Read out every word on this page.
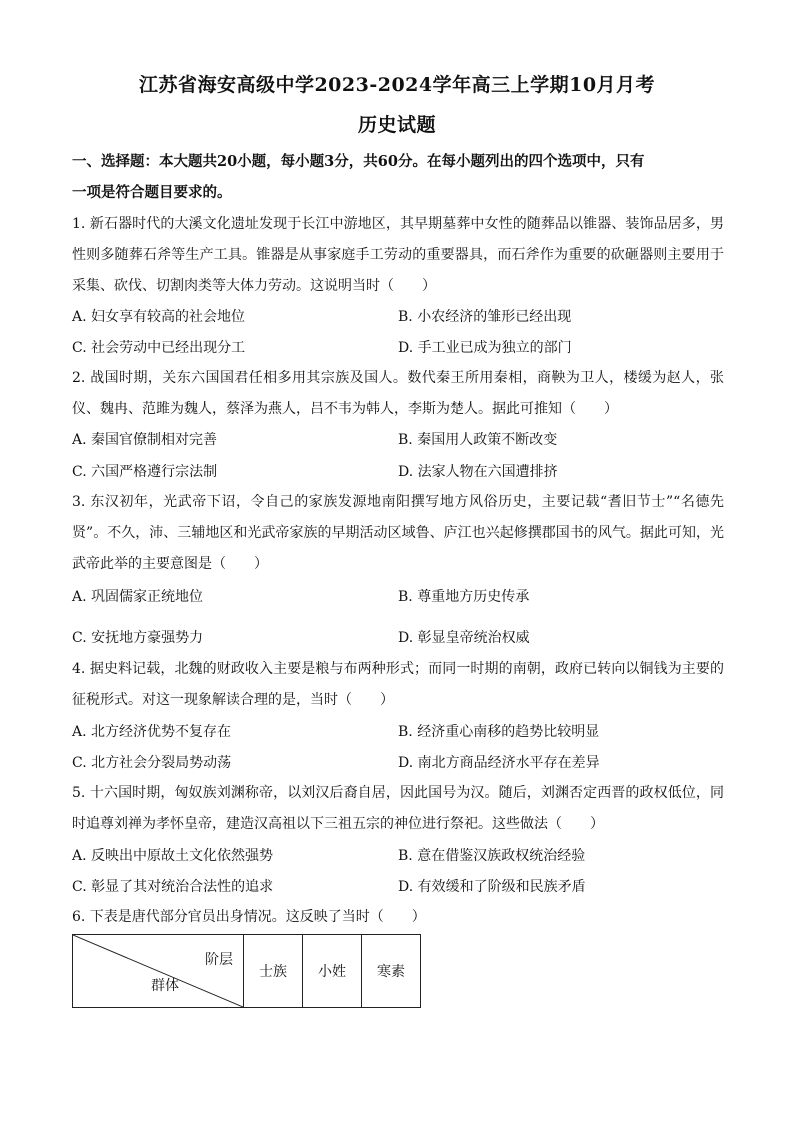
江苏省海安高级中学2023-2024学年高三上学期10月月考
历史试题
一、选择题：本大题共20小题，每小题3分，共60分。在每小题列出的四个选项中，只有
一项是符合题目要求的。
1. 新石器时代的大溪文化遗址发现于长江中游地区，其早期墓葬中女性的随葬品以锥器、装饰品居多，男性则多随葬石斧等生产工具。锥器是从事家庭手工劳动的重要器具，而石斧作为重要的砍砸器则主要用于采集、砍伐、切割肉类等大体力劳动。这说明当时（　　）
A. 妇女享有较高的社会地位	B. 小农经济的雏形已经出现
C. 社会劳动中已经出现分工	D. 手工业已成为独立的部门
2. 战国时期，关东六国国君任相多用其宗族及国人。数代秦王所用秦相，商鞅为卫人，楼缓为赵人，张仪、魏冉、范雎为魏人，蔡泽为燕人，吕不韦为韩人，李斯为楚人。据此可推知（　　）
A. 秦国官僚制相对完善	B. 秦国用人政策不断改变
C. 六国严格遵行宗法制	D. 法家人物在六国遭排挤
3. 东汉初年，光武帝下诏，令自己的家族发源地南阳撰写地方风俗历史，主要记载“耆旧节士”“名德先贤”。不久，沛、三辅地区和光武帝家族的早期活动区域鲁、庐江也兴起修撰郡国书的风气。据此可知，光武帝此举的主要意图是（　　）
A. 巩固儒家正统地位	B. 尊重地方历史传承
C. 安抚地方豪强势力	D. 彰显皇帝统治权威
4. 据史料记载，北魏的财政收入主要是粮与布两种形式；而同一时期的南朝，政府已转向以铜钱为主要的征税形式。对这一现象解读合理的是，当时（　　）
A. 北方经济优势不复存在	B. 经济重心南移的趋势比较明显
C. 北方社会分裂局势动荡	D. 南北方商品经济水平存在差异
5. 十六国时期，匈奴族刘渊称帝，以刘汉后裔自居，因此国号为汉。随后，刘渊否定西晋的政权低位，同时追尊刘禅为孝怀皇帝，建造汉高祖以下三祖五宗的神位进行祭祀。这些做法（　　）
A. 反映出中原故土文化依然强势	B. 意在借鉴汉族政权统治经验
C. 彰显了其对统治合法性的追求	D. 有效缓和了阶级和民族矛盾
6. 下表是唐代部分官员出身情况。这反映了当时（　　）
阶层
群体
	士族	小姓	寒素
